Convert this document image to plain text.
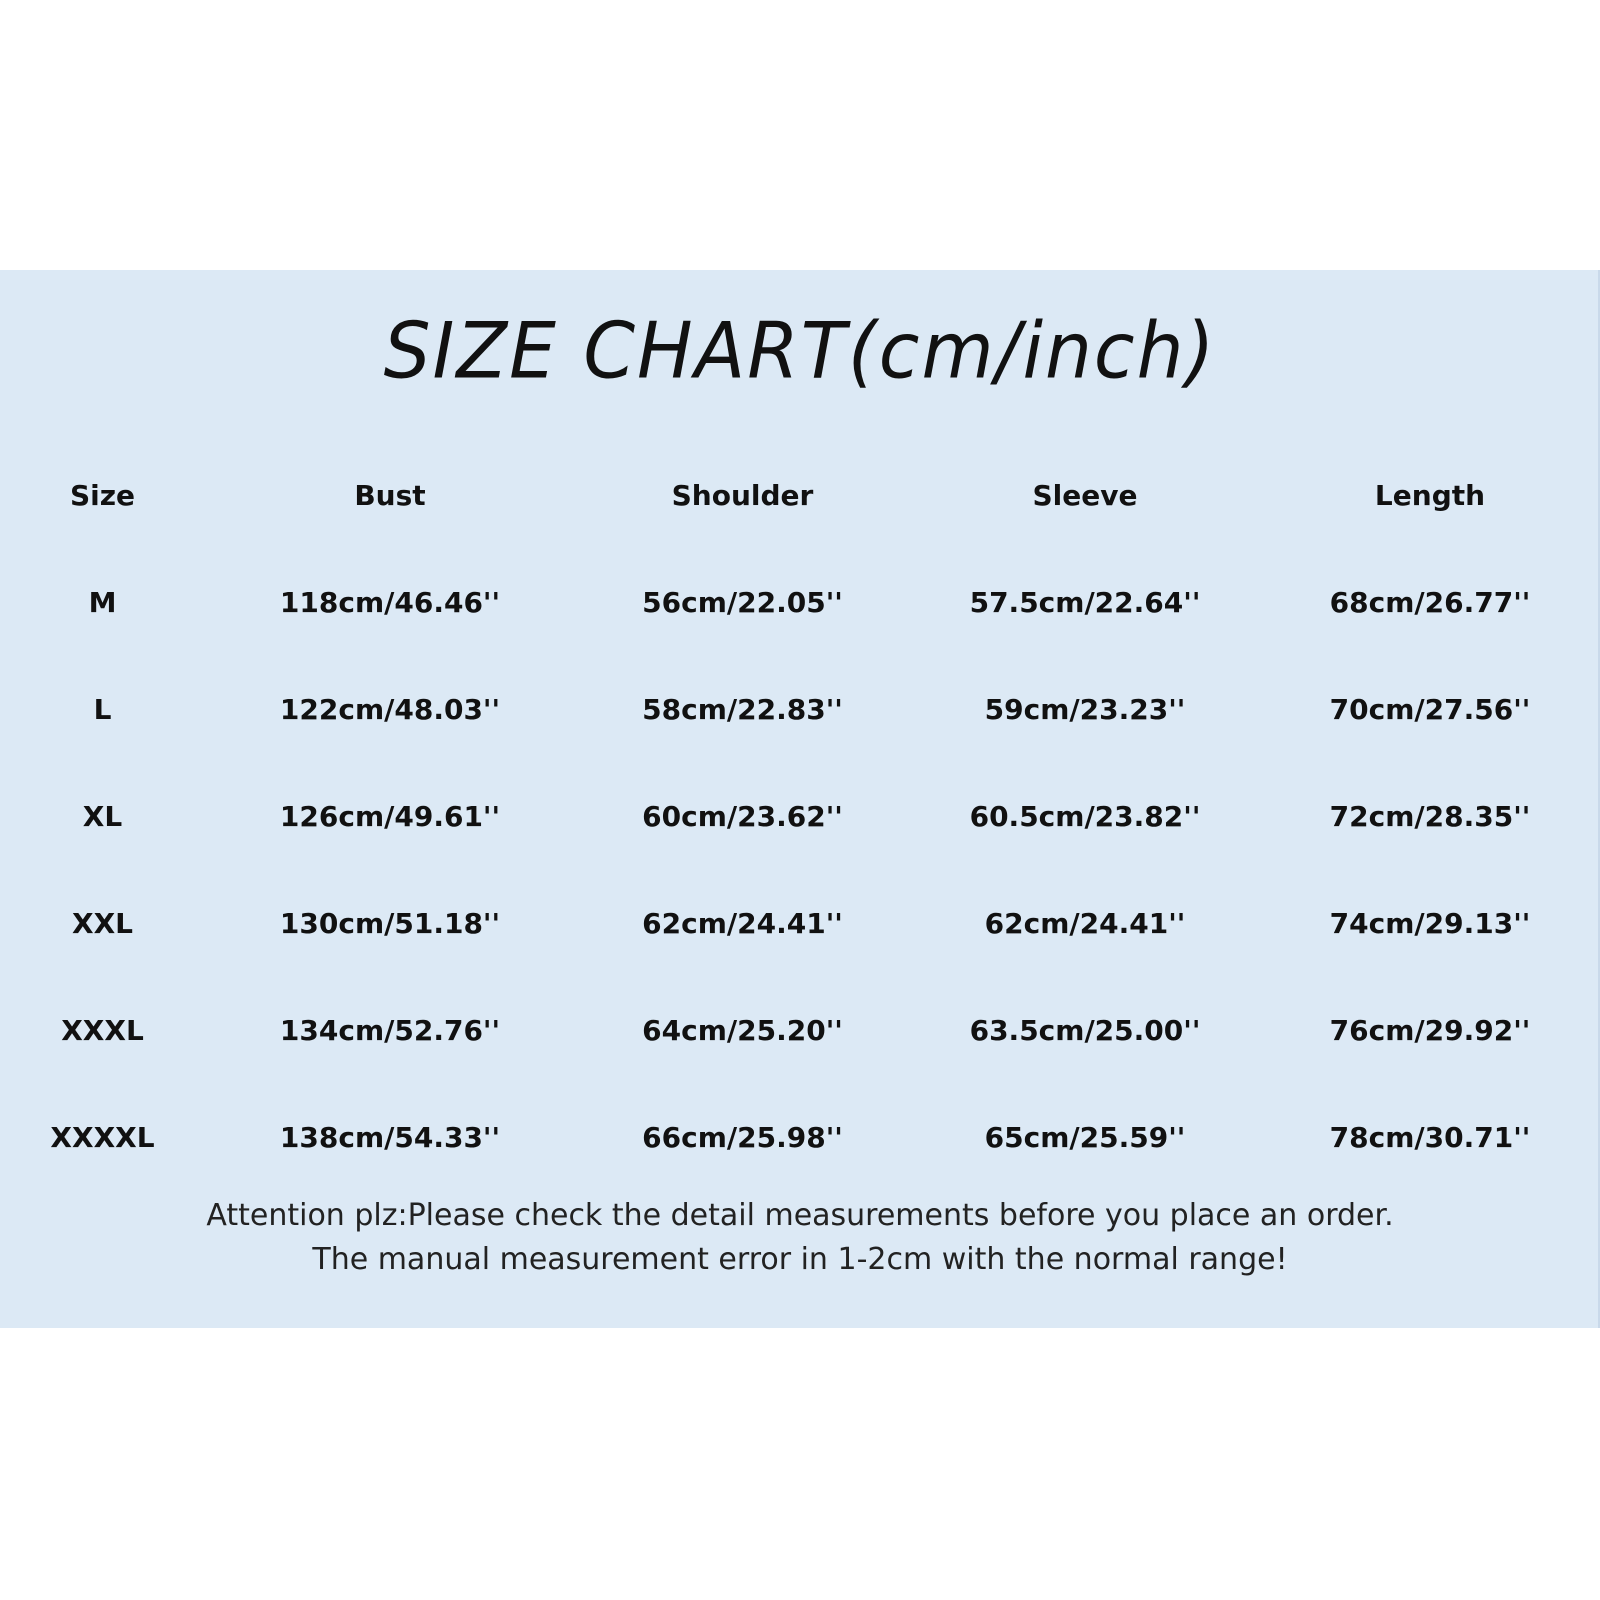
SIZE CHART(cm/inch)
Size	Bust	Shoulder	Sleeve	Length
M	118cm/46.46''	56cm/22.05''	57.5cm/22.64''	68cm/26.77''
L	122cm/48.03''	58cm/22.83''	59cm/23.23''	70cm/27.56''
XL	126cm/49.61''	60cm/23.62''	60.5cm/23.82''	72cm/28.35''
XXL	130cm/51.18''	62cm/24.41''	62cm/24.41''	74cm/29.13''
XXXL	134cm/52.76''	64cm/25.20''	63.5cm/25.00''	76cm/29.92''
XXXXL	138cm/54.33''	66cm/25.98''	65cm/25.59''	78cm/30.71''
Attention plz:Please check the detail measurements before you place an order.
The manual measurement error in 1-2cm with the normal range!
